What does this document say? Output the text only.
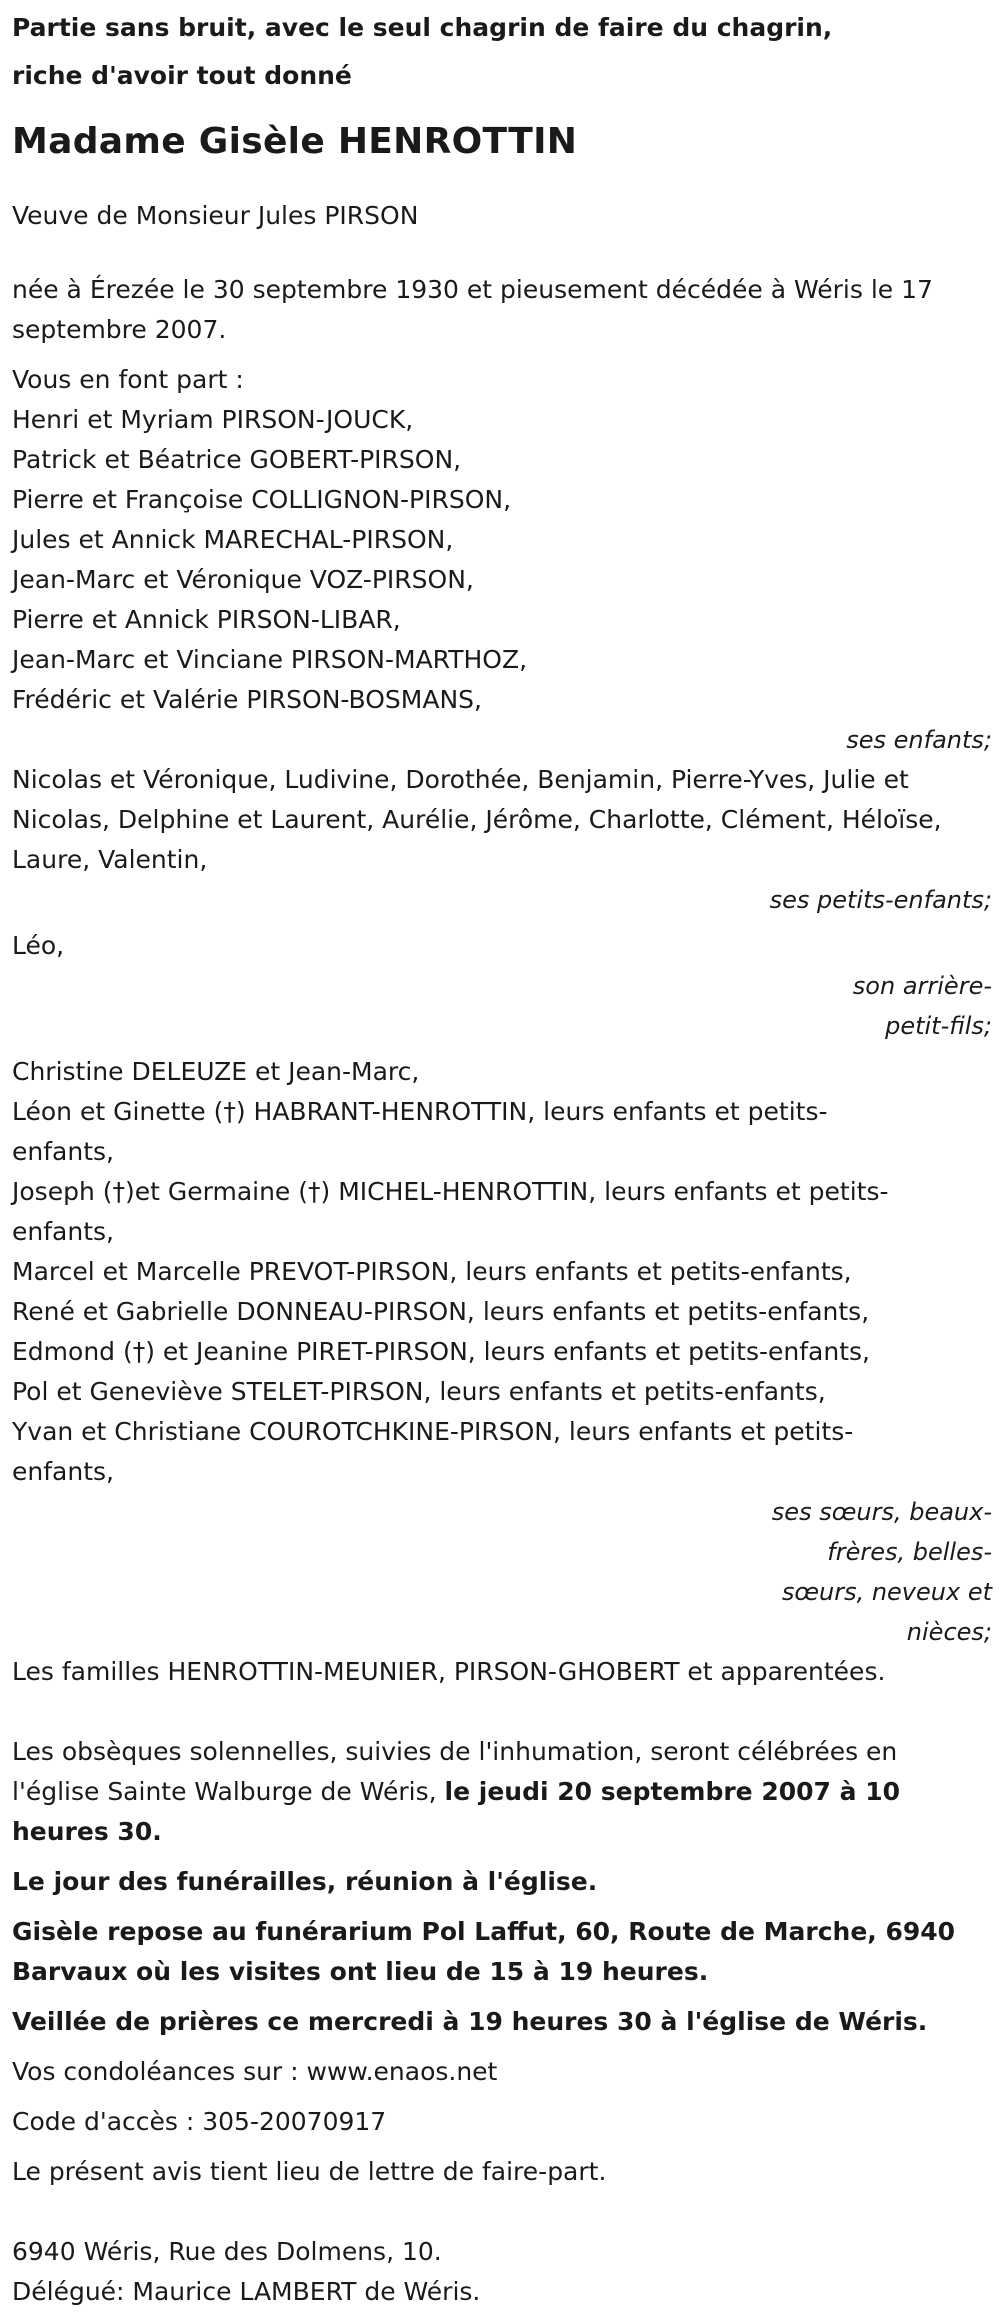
Partie sans bruit, avec le seul chagrin de faire du chagrin,
riche d'avoir tout donné
Madame Gisèle HENROTTIN
Veuve de Monsieur Jules PIRSON
née à Érezée le 30 septembre 1930 et pieusement décédée à Wéris le 17
septembre 2007.
Vous en font part :
Henri et Myriam PIRSON-JOUCK,
Patrick et Béatrice GOBERT-PIRSON,
Pierre et Françoise COLLIGNON-PIRSON,
Jules et Annick MARECHAL-PIRSON,
Jean-Marc et Véronique VOZ-PIRSON,
Pierre et Annick PIRSON-LIBAR,
Jean-Marc et Vinciane PIRSON-MARTHOZ,
Frédéric et Valérie PIRSON-BOSMANS,
ses enfants;
Nicolas et Véronique, Ludivine, Dorothée, Benjamin, Pierre-Yves, Julie et
Nicolas, Delphine et Laurent, Aurélie, Jérôme, Charlotte, Clément, Héloïse,
Laure, Valentin,
ses petits-enfants;
Léo,
son arrière-
petit-fils;
Christine DELEUZE et Jean-Marc,
Léon et Ginette (†) HABRANT-HENROTTIN, leurs enfants et petits-
enfants,
Joseph (†)et Germaine (†) MICHEL-HENROTTIN, leurs enfants et petits-
enfants,
Marcel et Marcelle PREVOT-PIRSON, leurs enfants et petits-enfants,
René et Gabrielle DONNEAU-PIRSON, leurs enfants et petits-enfants,
Edmond (†) et Jeanine PIRET-PIRSON, leurs enfants et petits-enfants,
Pol et Geneviève STELET-PIRSON, leurs enfants et petits-enfants,
Yvan et Christiane COUROTCHKINE-PIRSON, leurs enfants et petits-
enfants,
ses sœurs, beaux-
frères, belles-
sœurs, neveux et
nièces;
Les familles HENROTTIN-MEUNIER, PIRSON-GHOBERT et apparentées.
Les obsèques solennelles, suivies de l'inhumation, seront célébrées en
l'église Sainte Walburge de Wéris, le jeudi 20 septembre 2007 à 10
heures 30.
Le jour des funérailles, réunion à l'église.
Gisèle repose au funérarium Pol Laffut, 60, Route de Marche, 6940
Barvaux où les visites ont lieu de 15 à 19 heures.
Veillée de prières ce mercredi à 19 heures 30 à l'église de Wéris.
Vos condoléances sur : www.enaos.net
Code d'accès : 305-20070917
Le présent avis tient lieu de lettre de faire-part.
6940 Wéris, Rue des Dolmens, 10.
Délégué: Maurice LAMBERT de Wéris.
